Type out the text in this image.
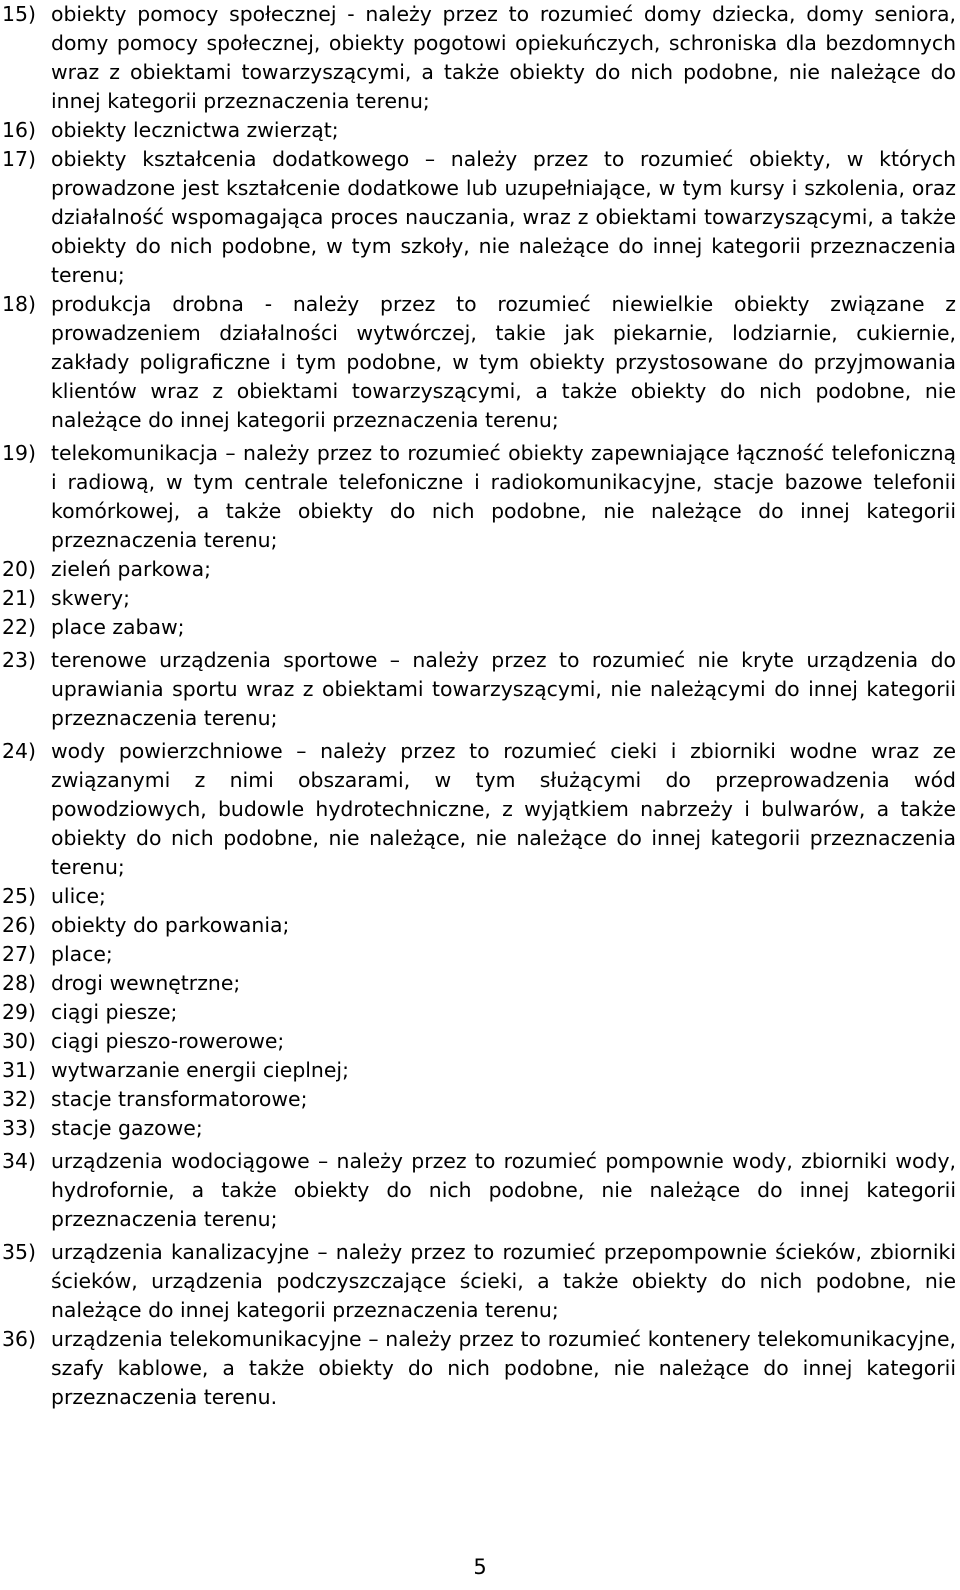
15) obiekty pomocy społecznej - należy przez to rozumieć domy dziecka, domy seniora, domy pomocy społecznej, obiekty pogotowi opiekuńczych, schroniska dla bezdomnych wraz z obiektami towarzyszącymi, a także obiekty do nich podobne, nie należące do innej kategorii przeznaczenia terenu;
16) obiekty lecznictwa zwierząt;
17) obiekty kształcenia dodatkowego – należy przez to rozumieć obiekty, w których prowadzone jest kształcenie dodatkowe lub uzupełniające, w tym kursy i szkolenia, oraz działalność wspomagająca proces nauczania, wraz z obiektami towarzyszącymi, a także obiekty do nich podobne, w tym szkoły, nie należące do innej kategorii przeznaczenia terenu;
18) produkcja drobna - należy przez to rozumieć niewielkie obiekty związane z prowadzeniem działalności wytwórczej, takie jak piekarnie, lodziarnie, cukiernie, zakłady poligraficzne i tym podobne, w tym obiekty przystosowane do przyjmowania klientów wraz z obiektami towarzyszącymi, a także obiekty do nich podobne, nie należące do innej kategorii przeznaczenia terenu;
19) telekomunikacja – należy przez to rozumieć obiekty zapewniające łączność telefoniczną i radiową, w tym centrale telefoniczne i radiokomunikacyjne, stacje bazowe telefonii komórkowej, a także obiekty do nich podobne, nie należące do innej kategorii przeznaczenia terenu;
20) zieleń parkowa;
21) skwery;
22) place zabaw;
23) terenowe urządzenia sportowe – należy przez to rozumieć nie kryte urządzenia do uprawiania sportu wraz z obiektami towarzyszącymi, nie należącymi do innej kategorii przeznaczenia terenu;
24) wody powierzchniowe – należy przez to rozumieć cieki i zbiorniki wodne wraz ze związanymi z nimi obszarami, w tym służącymi do przeprowadzenia wód powodziowych, budowle hydrotechniczne, z wyjątkiem nabrzeży i bulwarów, a także obiekty do nich podobne, nie należące, nie należące do innej kategorii przeznaczenia terenu;
25) ulice;
26) obiekty do parkowania;
27) place;
28) drogi wewnętrzne;
29) ciągi piesze;
30) ciągi pieszo-rowerowe;
31) wytwarzanie energii cieplnej;
32) stacje transformatorowe;
33) stacje gazowe;
34) urządzenia wodociągowe – należy przez to rozumieć pompownie wody, zbiorniki wody, hydrofornie, a także obiekty do nich podobne, nie należące do innej kategorii przeznaczenia terenu;
35) urządzenia kanalizacyjne – należy przez to rozumieć przepompownie ścieków, zbiorniki ścieków, urządzenia podczyszczające ścieki, a także obiekty do nich podobne, nie należące do innej kategorii przeznaczenia terenu;
36) urządzenia telekomunikacyjne – należy przez to rozumieć kontenery telekomunikacyjne, szafy kablowe, a także obiekty do nich podobne, nie należące do innej kategorii przeznaczenia terenu.
5
